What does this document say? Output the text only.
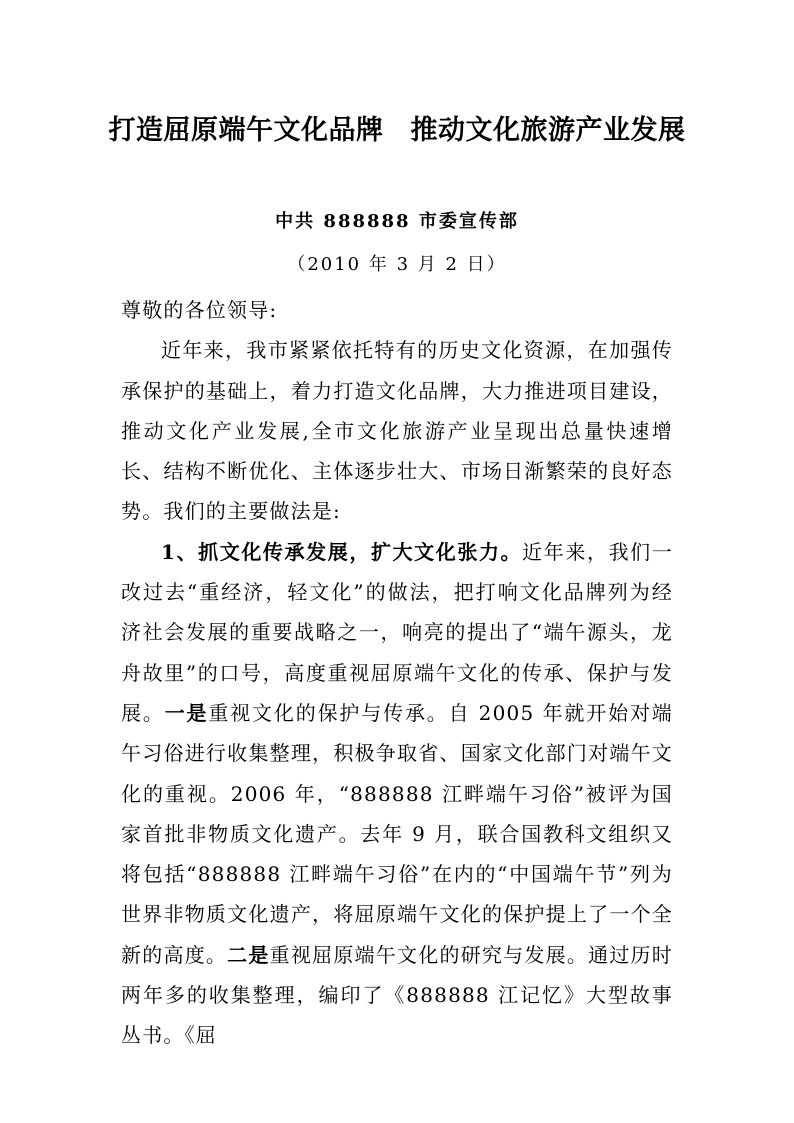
打造屈原端午文化品牌 推动文化旅游产业发展
中共 888888 市委宣传部
（2010 年 3 月 2 日）

尊敬的各位领导:

近年来，我市紧紧依托特有的历史文化资源，在加强传承保护的基础上，着力打造文化品牌，大力推进项目建设，推动文化产业发展,全市文化旅游产业呈现出总量快速增长、结构不断优化、主体逐步壮大、市场日渐繁荣的良好态势。我们的主要做法是:

1、抓文化传承发展，扩大文化张力。近年来，我们一改过去“重经济，轻文化”的做法，把打响文化品牌列为经济社会发展的重要战略之一，响亮的提出了“端午源头，龙舟故里”的口号，高度重视屈原端午文化的传承、保护与发展。一是重视文化的保护与传承。自 2005 年就开始对端午习俗进行收集整理，积极争取省、国家文化部门对端午文化的重视。2006 年，“888888 江畔端午习俗”被评为国家首批非物质文化遗产。去年 9 月，联合国教科文组织又将包括“888888 江畔端午习俗”在内的“中国端午节”列为世界非物质文化遗产，将屈原端午文化的保护提上了一个全新的高度。二是重视屈原端午文化的研究与发展。通过历时两年多的收集整理，编印了《888888 江记忆》大型故事丛书。《屈
